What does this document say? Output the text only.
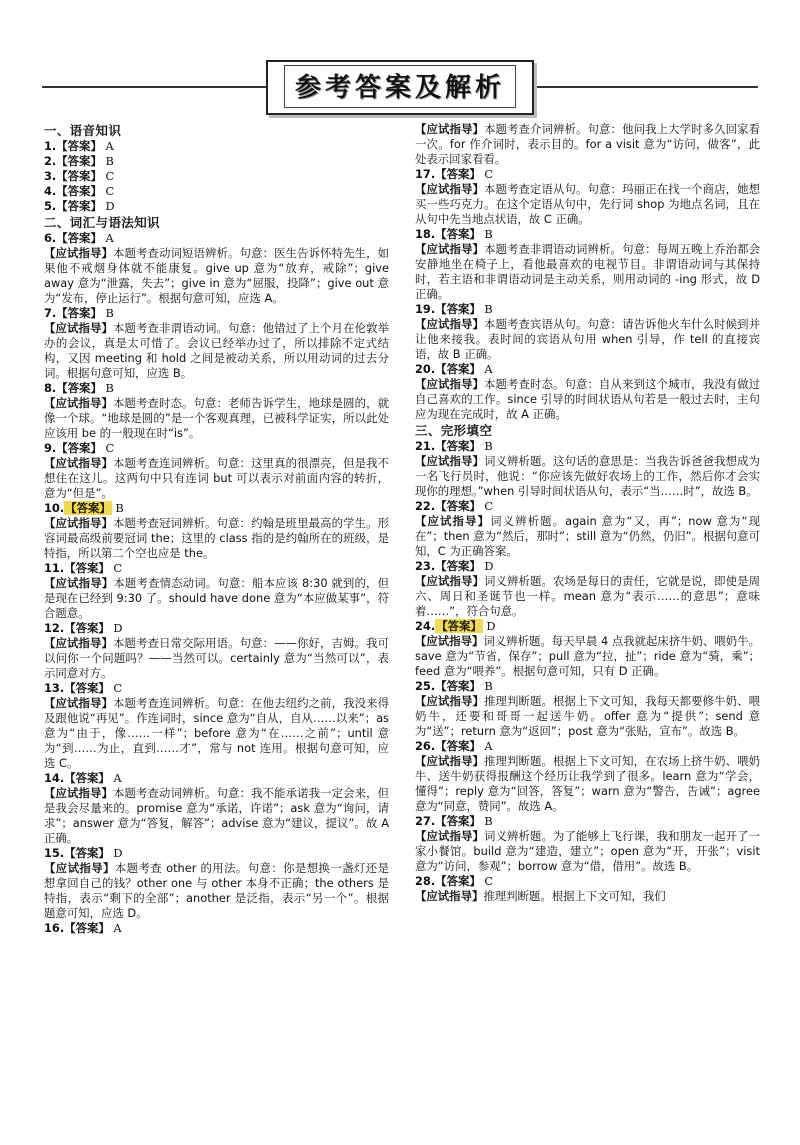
参考答案及解析
一、语音知识
1.【答案】 A
2.【答案】 B
3.【答案】 C
4.【答案】 C
5.【答案】 D
二、词汇与语法知识
6.【答案】 A
【应试指导】本题考查动词短语辨析。句意：医生告诉怀特先生，如果他不戒烟身体就不能康复。give up 意为“放弃，戒除”；give away 意为“泄露，失去”；give in 意为“屈服，投降”；give out 意为“发布，停止运行”。根据句意可知，应选 A。
7.【答案】 B
【应试指导】本题考查非谓语动词。句意：他错过了上个月在伦敦举办的会议，真是太可惜了。会议已经举办过了，所以排除不定式结构，又因 meeting 和 hold 之间是被动关系，所以用动词的过去分词。根据句意可知，应选 B。
8.【答案】 B
【应试指导】本题考查时态。句意：老师告诉学生，地球是圆的，就像一个球。“地球是圆的”是一个客观真理，已被科学证实，所以此处应该用 be 的一般现在时“is”。
9.【答案】 C
【应试指导】本题考查连词辨析。句意：这里真的很漂亮，但是我不想住在这儿。这两句中只有连词 but 可以表示对前面内容的转折，意为“但是”。
10.【答案】 B
【应试指导】本题考查冠词辨析。句意：约翰是班里最高的学生。形容词最高级前要冠词 the；这里的 class 指的是约翰所在的班级，是特指，所以第二个空也应是 the。
11.【答案】 C
【应试指导】本题考查情态动词。句意：船本应该 8:30 就到的，但是现在已经到 9:30 了。should have done 意为“本应做某事”，符合题意。
12.【答案】 D
【应试指导】本题考查日常交际用语。句意：——你好，吉姆。我可以问你一个问题吗？——当然可以。certainly 意为“当然可以”，表示同意对方。
13.【答案】 C
【应试指导】本题考查连词辨析。句意：在他去纽约之前，我没来得及跟他说“再见”。作连词时，since 意为“自从，自从……以来”；as 意为“由于，像……一样”；before 意为“在……之前”；until 意为“到……为止，直到……才”，常与 not 连用。根据句意可知，应选 C。
14.【答案】 A
【应试指导】本题考查动词辨析。句意：我不能承诺我一定会来，但是我会尽量来的。promise 意为“承诺，许诺”；ask 意为“询问，请求”；answer 意为“答复，解答”；advise 意为“建议，提议”。故 A 正确。
15.【答案】 D
【应试指导】本题考查 other 的用法。句意：你是想换一盏灯还是想拿回自己的钱？other one 与 other 本身不正确；the others 是特指，表示“剩下的全部”；another 是泛指，表示“另一个”。根据题意可知，应选 D。
16.【答案】 A
【应试指导】本题考查介词辨析。句意：他问我上大学时多久回家看一次。for 作介词时，表示目的。for a visit 意为“访问，做客”，此处表示回家看看。
17.【答案】 C
【应试指导】本题考查定语从句。句意：玛丽正在找一个商店，她想买一些巧克力。在这个定语从句中，先行词 shop 为地点名词，且在从句中先当地点状语，故 C 正确。
18.【答案】 B
【应试指导】本题考查非谓语动词辨析。句意：每周五晚上乔治都会安静地坐在椅子上，看他最喜欢的电视节目。非谓语动词与其保持时，若主语和非谓语动词是主动关系，则用动词的 -ing 形式，故 D 正确。
19.【答案】 B
【应试指导】本题考查宾语从句。句意：请告诉他火车什么时候到并让他来接我。表时间的宾语从句用 when 引导，作 tell 的直接宾语，故 B 正确。
20.【答案】 A
【应试指导】本题考查时态。句意：自从来到这个城市，我没有做过自己喜欢的工作。since 引导的时间状语从句若是一般过去时，主句应为现在完成时，故 A 正确。
三、完形填空
21.【答案】 B
【应试指导】词义辨析题。这句话的意思是：当我告诉爸爸我想成为一名飞行员时，他说：“你应该先做好农场上的工作，然后你才会实现你的理想。”when 引导时间状语从句，表示“当……时”，故选 B。
22.【答案】 C
【应试指导】词义辨析题。again 意为“又，再”；now 意为“现在”；then 意为“然后，那时”；still 意为“仍然，仍旧”。根据句意可知，C 为正确答案。
23.【答案】 D
【应试指导】词义辨析题。农场是每日的责任，它就是说，即使是周六、周日和圣诞节也一样。mean 意为“表示……的意思”；意味着……”，符合句意。
24.【答案】 D
【应试指导】词义辨析题。每天早晨 4 点我就起床挤牛奶、喂奶牛。save 意为“节省，保存”；pull 意为“拉，扯”；ride 意为“骑，乘”；feed 意为“喂养”。根据句意可知，只有 D 正确。
25.【答案】 B
【应试指导】推理判断题。根据上下文可知，我每天都要修牛奶、喂奶牛，还要和哥哥一起送牛奶。offer 意为“提供”；send 意为“送”；return 意为“返回”；post 意为“张贴，宣布”。故选 B。
26.【答案】 A
【应试指导】推理判断题。根据上下文可知，在农场上挤牛奶、喂奶牛、送牛奶获得报酬这个经历让我学到了很多。learn 意为“学会，懂得”；reply 意为“回答，答复”；warn 意为“警告，告诫”；agree 意为“同意，赞同”。故选 A。
27.【答案】 B
【应试指导】词义辨析题。为了能够上飞行课，我和朋友一起开了一家小餐馆。build 意为“建造，建立”；open 意为“开，开张”；visit 意为“访问，参观”；borrow 意为“借，借用”。故选 B。
28.【答案】 C
【应试指导】推理判断题。根据上下文可知，我们
